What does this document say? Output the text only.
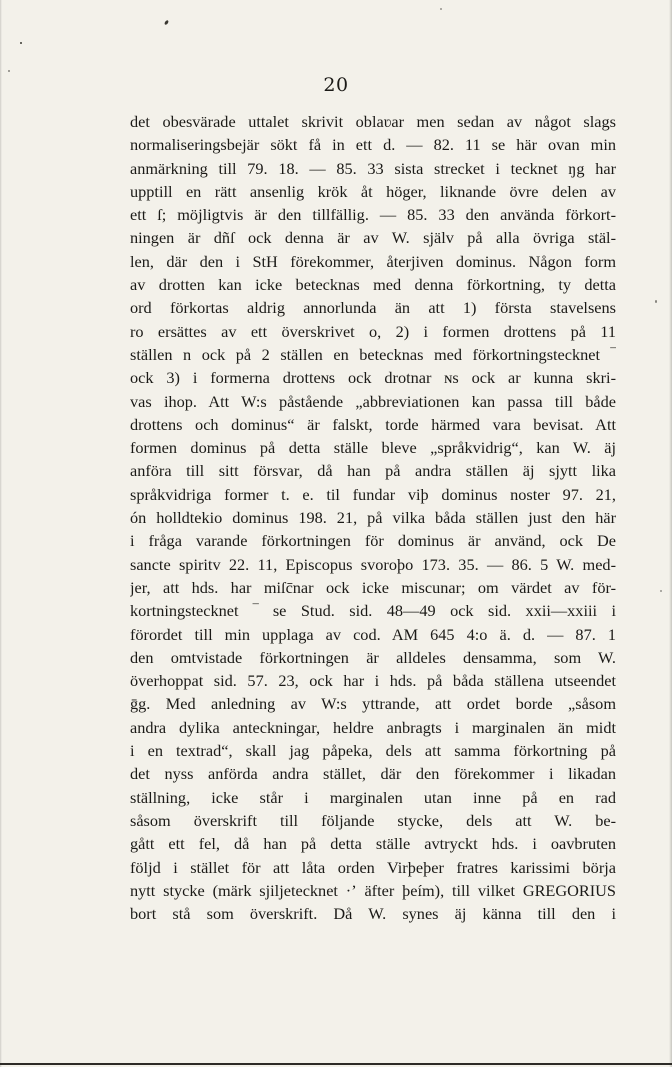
20
det obesvärade uttalet skrivit oblaʋar men sedan av något slags
normaliseringsbejär sökt få in ett d. — 82. 11 se här ovan min
anmärkning till 79. 18. — 85. 33 sista strecket i tecknet ŋg har
upptill en rätt ansenlig krök åt höger, liknande övre delen av
ett ſ; möjligtvis är den tillfällig. — 85. 33 den använda förkort-
ningen är dñſ ock denna är av W. själv på alla övriga stäl-
len, där den i StH förekommer, återjiven dominus. Någon form
av drotten kan icke betecknas med denna förkortning, ty detta
ord förkortas aldrig annorlunda än att 1) första stavelsens
ro ersättes av ett överskrivet o, 2) i formen drottens på 11
ställen n ock på 2 ställen en betecknas med förkortningstecknet ‾
ock 3) i formerna drotteɴs ock drotnar ɴs ock ar kunna skri-
vas ihop. Att W:s påstående „abbreviationen kan passa till både
drottens och dominus“ är falskt, torde härmed vara bevisat. Att
formen dominus på detta ställe bleve „språkvidrig“, kan W. äj
anföra till sitt försvar, då han på andra ställen äj sjytt lika
språkvidriga former t. e. til fundar viþ dominus noster 97. 21,
ón holldtekio dominus 198. 21, på vilka båda ställen just den här
i fråga varande förkortningen för dominus är använd, ock De
sancte spiritv 22. 11, Episcopus svoroþo 173. 35. — 86. 5 W. med-
jer, att hds. har miſc̄nar ock icke miscunar; om värdet av för-
kortningstecknet ‾ se Stud. sid. 48—49 ock sid. xxii—xxiii i
förordet till min upplaga av cod. AM 645 4:o ä. d. — 87. 1
den omtvistade förkortningen är alldeles densamma, som W.
överhoppat sid. 57. 23, ock har i hds. på båda ställena utseendet
ḡg. Med anledning av W:s yttrande, att ordet borde „såsom
andra dylika anteckningar, heldre anbragts i marginalen än midt
i en textrad“, skall jag påpeka, dels att samma förkortning på
det nyss anförda andra stället, där den förekommer i likadan
ställning, icke står i marginalen utan inne på en rad
såsom överskrift till följande stycke, dels att W. be-
gått ett fel, då han på detta ställe avtryckt hds. i oavbruten
följd i stället för att låta orden Virþeþer fratres karissimi börja
nytt stycke (märk sjiljetecknet ·ʼ äfter þeím), till vilket GREGORIUS
bort stå som överskrift. Då W. synes äj känna till den i
